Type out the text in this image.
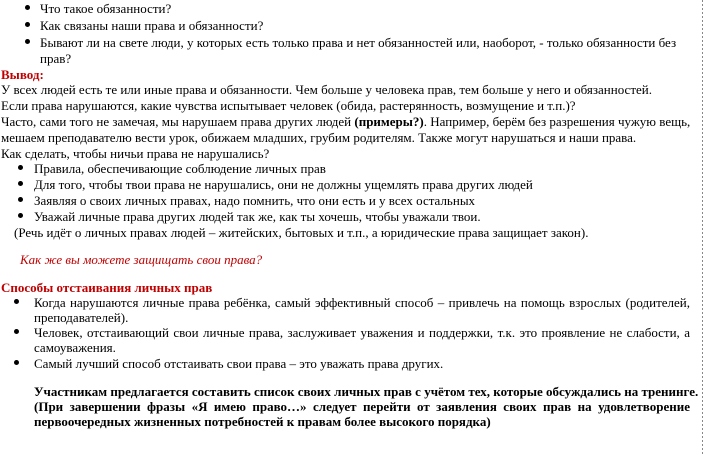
Что такое обязанности?
Как связаны наши права и обязанности?
Бывают ли на свете люди, у которых есть только права и нет обязанностей или, наоборот, - только обязанности без
прав?
Вывод:
У всех людей есть те или иные права и обязанности. Чем больше у человека прав, тем больше у него и обязанностей.
Если права нарушаются, какие чувства испытывает человек (обида, растерянность, возмущение и т.п.)?
Часто, сами того не замечая, мы нарушаем права других людей (примеры?). Например, берём без разрешения чужую вещь,
мешаем преподавателю вести урок, обижаем младших, грубим родителям. Также могут нарушаться и наши права.
Как сделать, чтобы ничьи права не нарушались?
Правила, обеспечивающие соблюдение личных прав
Для того, чтобы твои права не нарушались, они не должны ущемлять права других людей
Заявляя о своих личных правах, надо помнить, что они есть и у всех остальных
Уважай личные права других людей так же, как ты хочешь, чтобы уважали твои.
(Речь идёт о личных правах людей – житейских, бытовых и т.п., а юридические права защищает закон).
Как же вы можете защищать свои права?
Способы отстаивания личных прав
Когда нарушаются личные права ребёнка, самый эффективный способ – привлечь на помощь взрослых (родителей,
преподавателей).
Человек, отстаивающий свои личные права, заслуживает уважения и поддержки, т.к. это проявление не слабости, а
самоуважения.
Самый лучший способ отстаивать свои права – это уважать права других.
Участникам предлагается составить список своих личных прав с учётом тех, которые обсуждались на тренинге.
(При завершении фразы «Я имею право…» следует перейти от заявления своих прав на удовлетворение
первоочередных жизненных потребностей к правам более высокого порядка)
